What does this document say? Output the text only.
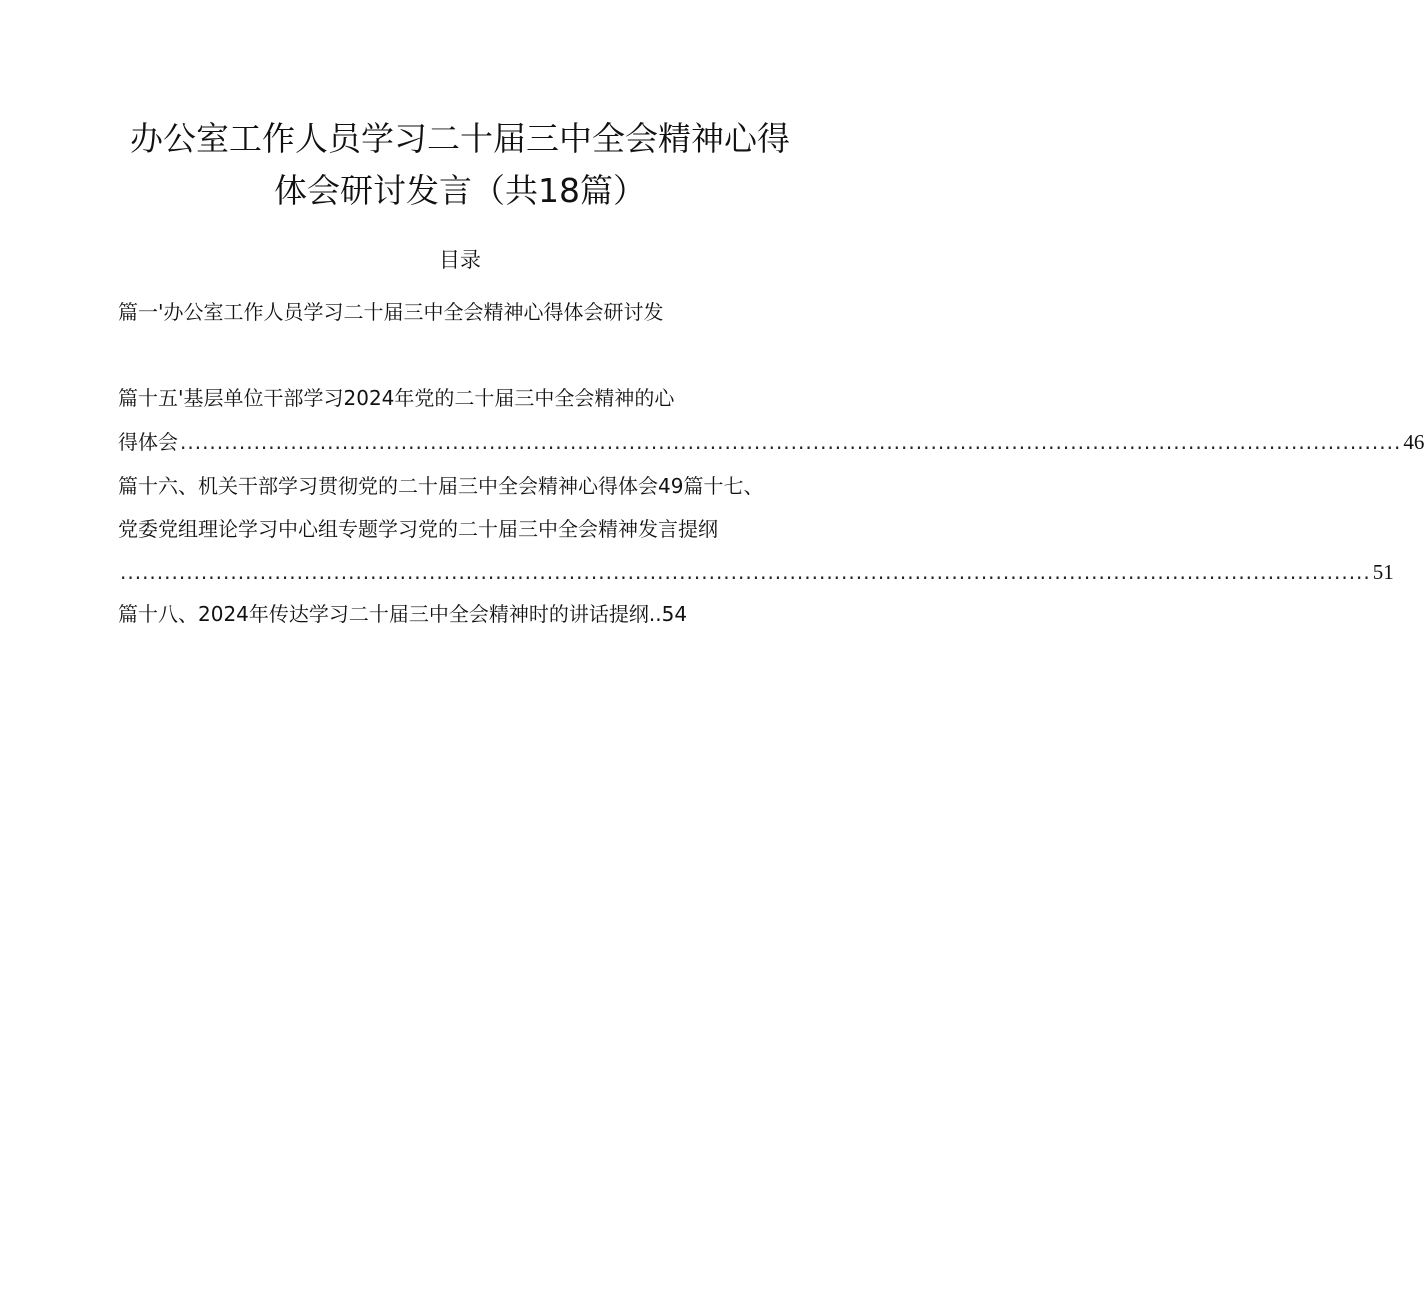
办公室工作人员学习二十届三中全会精神心得
体会研讨发言（共18篇）
目录
篇一'办公室工作人员学习二十届三中全会精神心得体会研讨发
篇十五'基层单位干部学习2024年党的二十届三中全会精神的心
得体会 ...................................................................................................................................................................... 46
篇十六、机关干部学习贯彻党的二十届三中全会精神心得体会49篇十七、
党委党组理论学习中心组专题学习党的二十届三中全会精神发言提纲
.......................................................................................................................................................................... 51
篇十八、2024年传达学习二十届三中全会精神时的讲话提纲..54
